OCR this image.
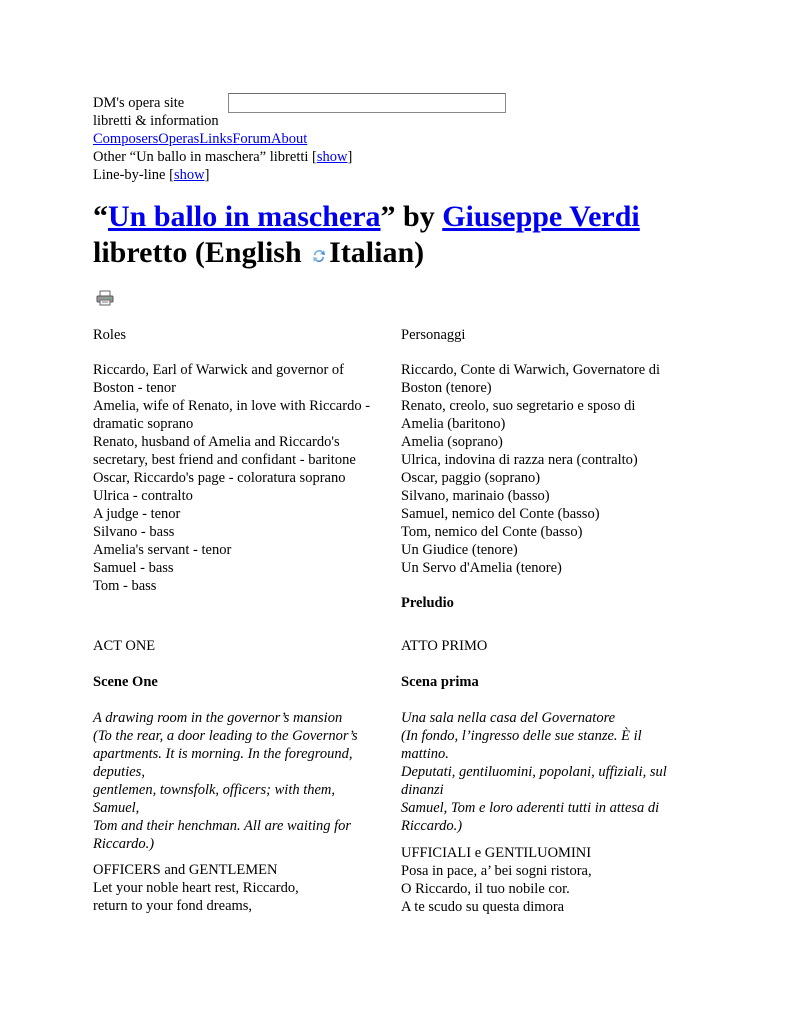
DM's opera site
libretti & information
ComposersOperasLinksForumAbout
Other “Un ballo in maschera” libretti [show]
Line-by-line [show]
“Un ballo in maschera” by Giuseppe Verdi
libretto (English Italian)
Roles

Riccardo, Earl of Warwick and governor of

Boston - tenor

Amelia, wife of Renato, in love with Riccardo -

dramatic soprano

Renato, husband of Amelia and Riccardo's

secretary, best friend and confidant - baritone

Oscar, Riccardo's page - coloratura soprano

Ulrica - contralto

A judge - tenor

Silvano - bass

Amelia's servant - tenor

Samuel - bass

Tom - bass

ACT ONE
Scene One

A drawing room in the governor’s mansion

(To the rear, a door leading to the Governor’s

apartments. It is morning. In the foreground,

deputies,

gentlemen, townsfolk, officers; with them,

Samuel,

Tom and their henchman. All are waiting for

Riccardo.)

OFFICERS and GENTLEMEN

Let your noble heart rest, Riccardo,

return to your fond dreams,

Personaggi

Riccardo, Conte di Warwich, Governatore di

Boston (tenore)

Renato, creolo, suo segretario e sposo di

Amelia (baritono)

Amelia (soprano)

Ulrica, indovina di razza nera (contralto)

Oscar, paggio (soprano)

Silvano, marinaio (basso)

Samuel, nemico del Conte (basso)

Tom, nemico del Conte (basso)

Un Giudice (tenore)

Un Servo d'Amelia (tenore)

Preludio
ATTO PRIMO
Scena prima

Una sala nella casa del Governatore

(In fondo, l’ingresso delle sue stanze. È il

mattino.

Deputati, gentiluomini, popolani, uffiziali, sul

dinanzi

Samuel, Tom e loro aderenti tutti in attesa di

Riccardo.)

UFFICIALI e GENTILUOMINI

Posa in pace, a’ bei sogni ristora,

O Riccardo, il tuo nobile cor.

A te scudo su questa dimora
